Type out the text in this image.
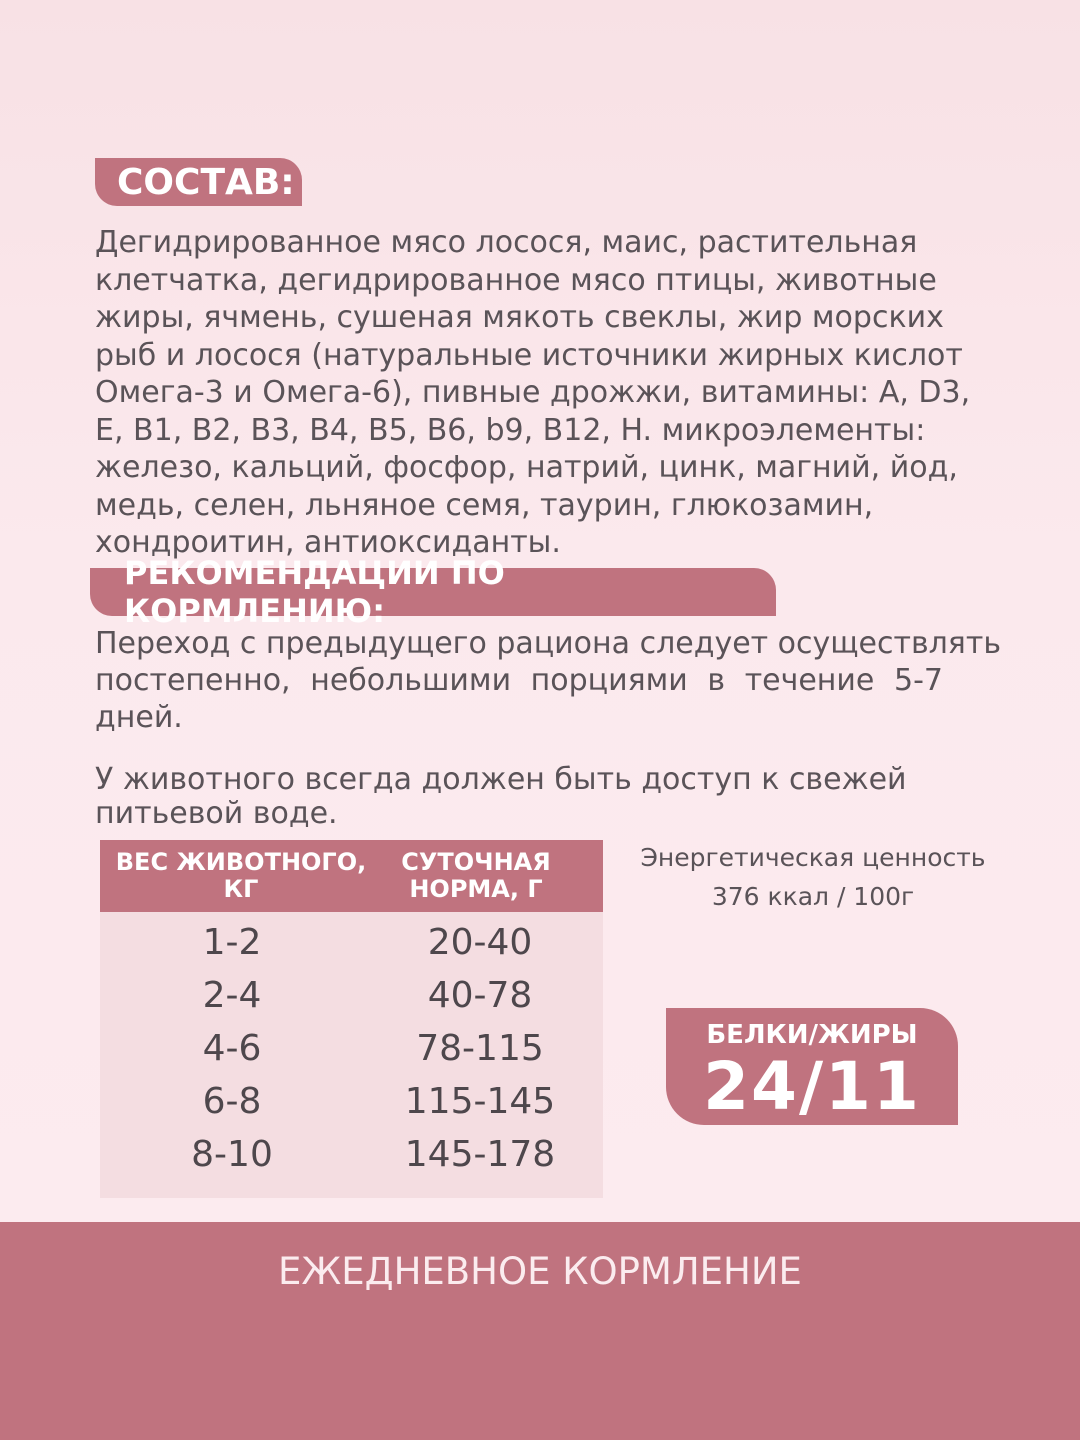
СОСТАВ:

Дегидрированное мясо лосося, маис, растительная клетчатка, дегидрированное мясо птицы, животные жиры, ячмень, сушеная мякоть свеклы, жир морских рыб и лосося (натуральные источники жирных кислот Омега-3 и Омега-6), пивные дрожжи, витамины: A, D3, E, B1, B2, B3, B4, B5, B6, b9, B12, H. микроэлементы: железо, кальций, фосфор, натрий, цинк, магний, йод, медь, селен, льняное семя, таурин, глюкозамин, хондроитин, антиоксиданты.

РЕКОМЕНДАЦИИ ПО КОРМЛЕНИЮ:
Переход с предыдущего рациона следует осуществлять
постепенно, небольшими порциями в течение 5-7
дней.

У животного всегда должен быть доступ к свежей питьевой воде.

ВЕС ЖИВОТНОГО, КГ
СУТОЧНАЯ НОРМА, Г
1-2	20-40
2-4	40-78
4-6	78-115
6-8	115-145
8-10	145-178
Энергетическая ценность
376 ккал / 100г
БЕЛКИ/ЖИРЫ
24/11
ЕЖЕДНЕВНОЕ КОРМЛЕНИЕ
